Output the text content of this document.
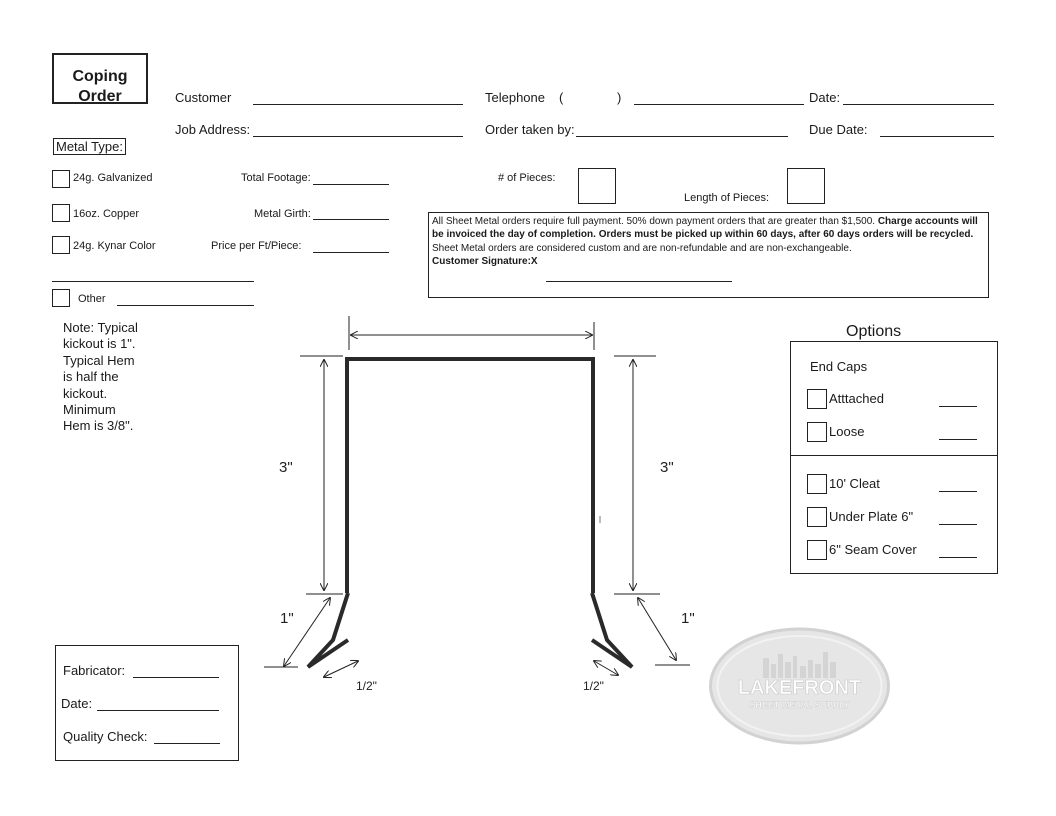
Coping
Order	Customer	Telephone (	)	Date:
Job Address:	Order taken by:	Due Date:
Metal Type:
24g. Galvanized
16oz. Copper
24g. Kynar Color
Other
Total Footage:
Metal Girth:
Price per Ft/Piece:
# of Pieces:
Length of Pieces:
All Sheet Metal orders require full payment. 50% down payment orders that are greater than $1,500. Charge accounts will be invoiced the day of completion. Orders must be picked up within 60 days, after 60 days orders will be recycled. Sheet Metal orders are considered custom and are non-refundable and are non-exchangeable.
Customer Signature:X
Note: Typical
kickout is 1".
Typical Hem
is half the
kickout.
Minimum
Hem is 3/8".
3"	3"
1"	1"
1/2"	1/2"
Options
End Caps
Atttached
Loose
10' Cleat
Under Plate 6"
6" Seam Cover
Fabricator:
Date:
Quality Check:
LAKEFRONT
SHEET METAL SUPPLY
